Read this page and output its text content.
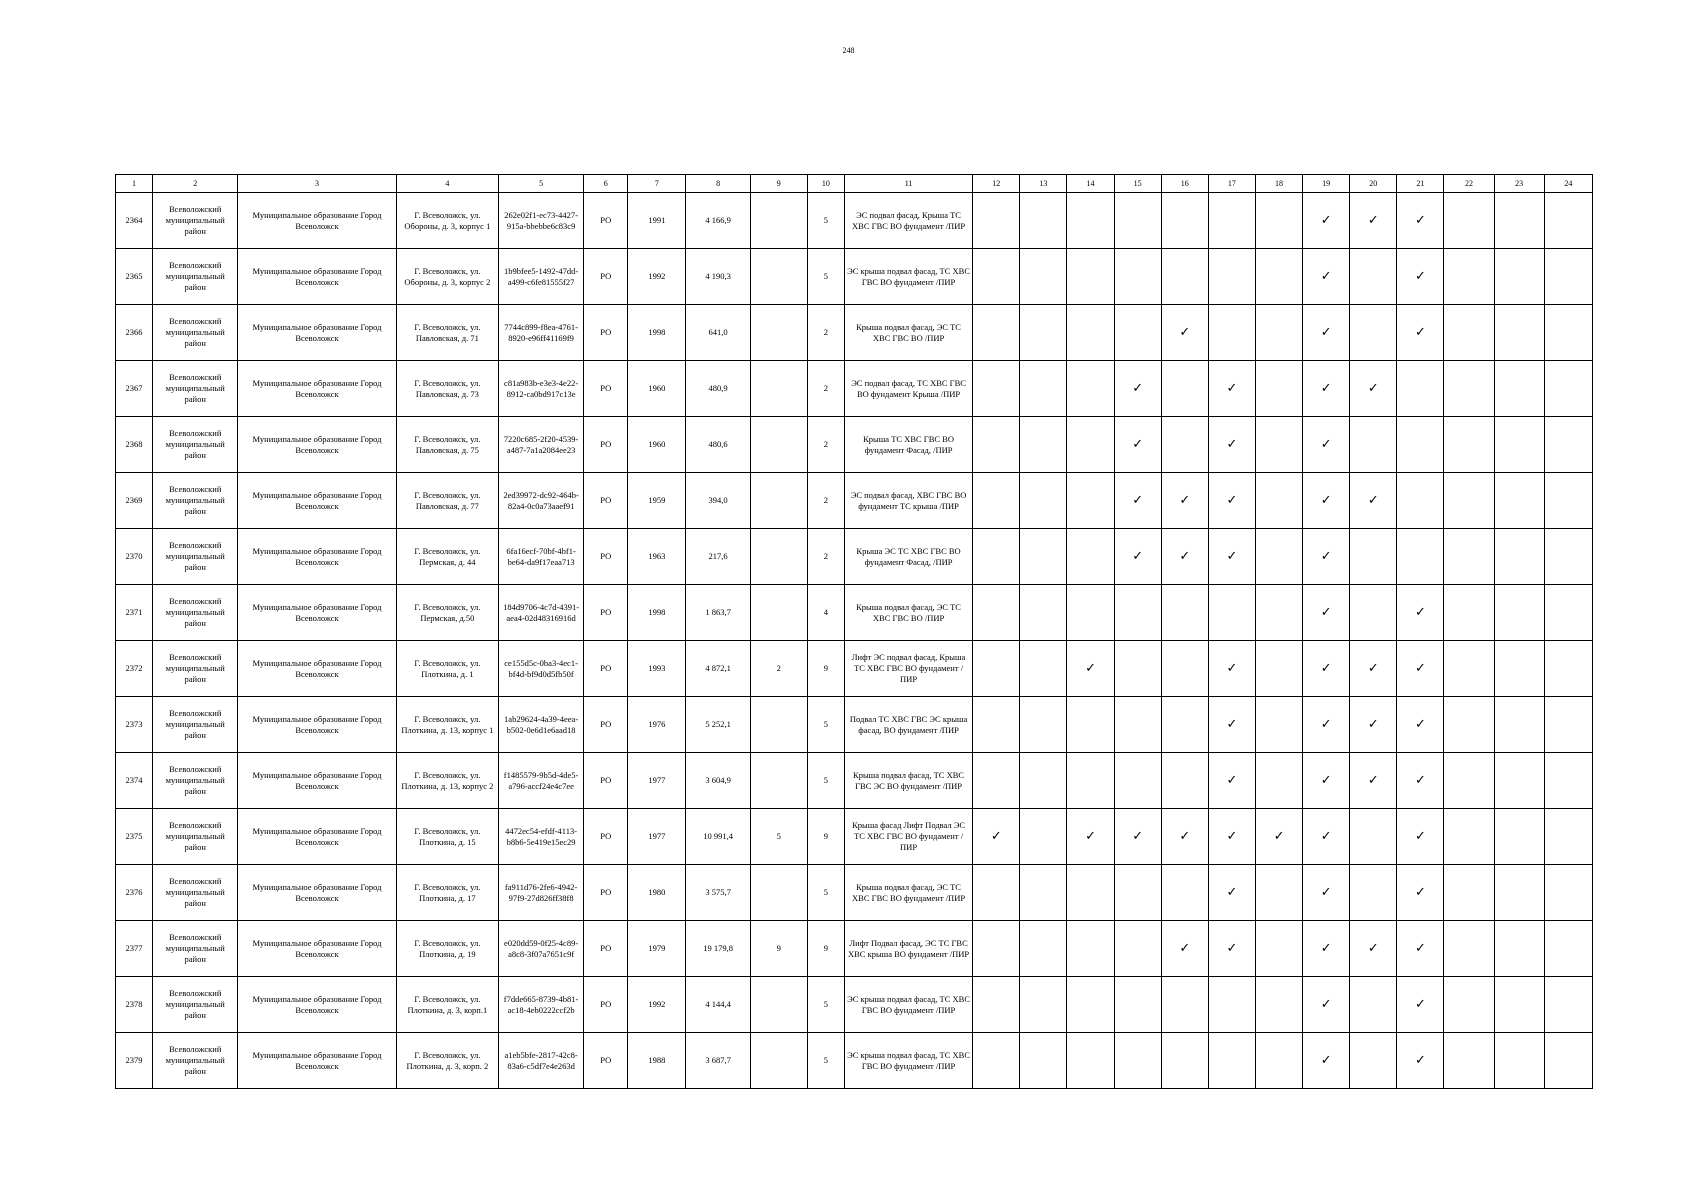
248
1	2	3	4	5	6	7	8	9	10	11	12	13	14	15	16	17	18	19	20	21	22	23	24
2364	Всеволожский муниципальный район	Муниципальное образование Город Всеволожск	Г. Всеволожск, ул. Обороны, д. 3, корпус 1	262e02f1-ec73-4427-915a-bbebbe6c83c9	РО	1991	4 166,9		5	ЭС подвал фасад, Крыша ТС ХВС ГВС ВО фундамент /ПИР								✓	✓	✓			
2365	Всеволожский муниципальный район	Муниципальное образование Город Всеволожск	Г. Всеволожск, ул. Обороны, д. 3, корпус 2	1b9bfee5-1492-47dd-a499-c6fe81555f27	РО	1992	4 190,3		5	ЭС крыша подвал фасад, ТС ХВС ГВС ВО фундамент /ПИР								✓		✓			
2366	Всеволожский муниципальный район	Муниципальное образование Город Всеволожск	Г. Всеволожск, ул. Павловская, д. 71	7744c899-f8ea-4761-8920-e96ff41169f9	РО	1998	641,0		2	Крыша подвал фасад, ЭС ТС ХВС ГВС ВО /ПИР					✓			✓		✓			
2367	Всеволожский муниципальный район	Муниципальное образование Город Всеволожск	Г. Всеволожск, ул. Павловская, д. 73	c81a983b-e3e3-4e22-8912-ca0bd917c13e	РО	1960	480,9		2	ЭС подвал фасад, ТС ХВС ГВС ВО фундамент Крыша /ПИР				✓		✓		✓	✓				
2368	Всеволожский муниципальный район	Муниципальное образование Город Всеволожск	Г. Всеволожск, ул. Павловская, д. 75	7220c685-2f20-4539-a487-7a1a2084ee23	РО	1960	480,6		2	Крыша ТС ХВС ГВС ВО фундамент Фасад, /ПИР				✓		✓		✓					
2369	Всеволожский муниципальный район	Муниципальное образование Город Всеволожск	Г. Всеволожск, ул. Павловская, д. 77	2ed39972-dc92-464b-82a4-0c0a73aaef91	РО	1959	394,0		2	ЭС подвал фасад, ХВС ГВС ВО фундамент ТС крыша /ПИР				✓	✓	✓		✓	✓				
2370	Всеволожский муниципальный район	Муниципальное образование Город Всеволожск	Г. Всеволожск, ул. Пермская, д. 44	6fa16ecf-70bf-4bf1-be64-da9f17eaa713	РО	1963	217,6		2	Крыша ЭС ТС ХВС ГВС ВО фундамент Фасад, /ПИР				✓	✓	✓		✓					
2371	Всеволожский муниципальный район	Муниципальное образование Город Всеволожск	Г. Всеволожск, ул. Пермская, д.50	184d9706-4c7d-4391-aea4-02d48316916d	РО	1998	1 863,7		4	Крыша подвал фасад, ЭС ТС ХВС ГВС ВО /ПИР								✓		✓			
2372	Всеволожский муниципальный район	Муниципальное образование Город Всеволожск	Г. Всеволожск, ул. Плоткина, д. 1	ce155d5c-0ba3-4ec1-bf4d-bf9d0d5fb50f	РО	1993	4 872,1	2	9	Лифт ЭС подвал фасад, Крыша ТС ХВС ГВС ВО фундамент /ПИР			✓			✓		✓	✓	✓			
2373	Всеволожский муниципальный район	Муниципальное образование Город Всеволожск	Г. Всеволожск, ул. Плоткина, д. 13, корпус 1	1ab29624-4a39-4eea-b502-0e6d1e6aad18	РО	1976	5 252,1		5	Подвал ТС ХВС ГВС ЭС крыша фасад, ВО фундамент /ПИР						✓		✓	✓	✓			
2374	Всеволожский муниципальный район	Муниципальное образование Город Всеволожск	Г. Всеволожск, ул. Плоткина, д. 13, корпус 2	f1485579-9b5d-4de5-a796-accf24e4c7ee	РО	1977	3 604,9		5	Крыша подвал фасад, ТС ХВС ГВС ЭС ВО фундамент /ПИР						✓		✓	✓	✓			
2375	Всеволожский муниципальный район	Муниципальное образование Город Всеволожск	Г. Всеволожск, ул. Плоткина, д. 15	4472ec54-efdf-4113-b8b6-5e419e15ec29	РО	1977	10 991,4	5	9	Крыша фасад Лифт Подвал ЭС ТС ХВС ГВС ВО фундамент /ПИР	✓		✓	✓	✓	✓	✓	✓		✓			
2376	Всеволожский муниципальный район	Муниципальное образование Город Всеволожск	Г. Всеволожск, ул. Плоткина, д. 17	fa911d76-2fe6-4942-97f9-27d826ff38f8	РО	1980	3 575,7		5	Крыша подвал фасад, ЭС ТС ХВС ГВС ВО фундамент /ПИР						✓		✓		✓			
2377	Всеволожский муниципальный район	Муниципальное образование Город Всеволожск	Г. Всеволожск, ул. Плоткина, д. 19	e020dd59-0f25-4c89-a8c8-3f07a7651c9f	РО	1979	19 179,8	9	9	Лифт Подвал фасад, ЭС ТС ГВС ХВС крыша ВО фундамент /ПИР					✓	✓		✓	✓	✓			
2378	Всеволожский муниципальный район	Муниципальное образование Город Всеволожск	Г. Всеволожск, ул. Плоткина, д. 3, корп.1	f7dde665-8739-4b81-ac18-4eb0222ccf2b	РО	1992	4 144,4		5	ЭС крыша подвал фасад, ТС ХВС ГВС ВО фундамент /ПИР								✓		✓			
2379	Всеволожский муниципальный район	Муниципальное образование Город Всеволожск	Г. Всеволожск, ул. Плоткина, д. 3, корп. 2	a1eb5bfe-2817-42c8-83a6-c5df7e4e263d	РО	1988	3 687,7		5	ЭС крыша подвал фасад, ТС ХВС ГВС ВО фундамент /ПИР								✓		✓			
